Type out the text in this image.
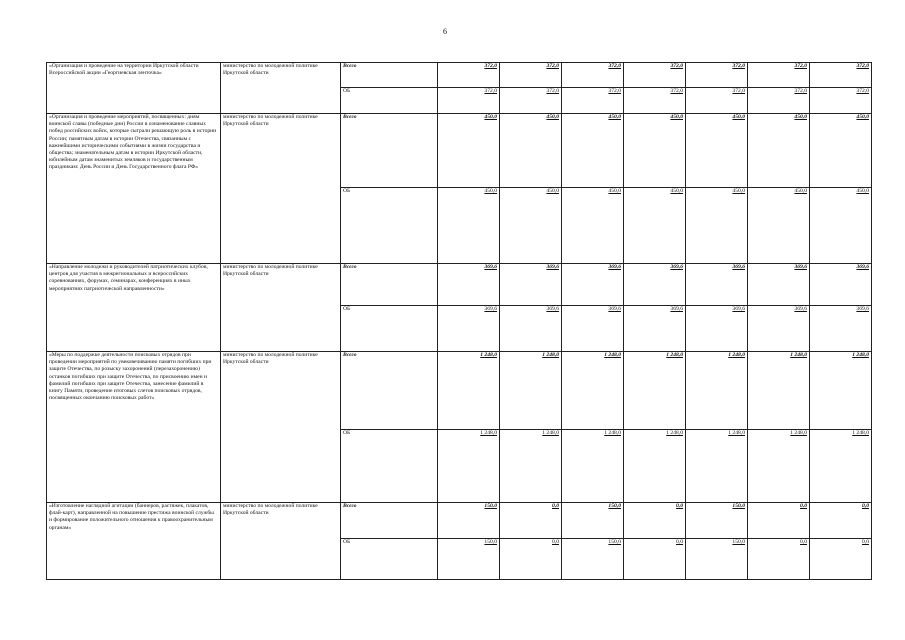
6
«Организация и проведение на территории Иркутской области Всероссийской акции «Георгиевская ленточка»	министерство по молодежной политике Иркутской области	Всего	372,0	372,0	372,0	372,0	372,0	372,0	372,0
		ОБ	372,0	372,0	372,0	372,0	372,0	372,0	372,0
«Организация и проведение мероприятий, посвященных: дням воинской славы (победные дни) России в ознаменование славных побед российских войск, которые сыграли решающую роль в истории России; памятным датам в истории Отечества, связанным с важнейшими историческими событиями в жизни государства и общества; знаменательным датам в истории Иркутской области, юбилейным датам знаменитых земляков и государственным праздникам: День России и День Государственного флага РФ»	министерство по молодежной политике Иркутской области	Всего	450,0	450,0	450,0	450,0	450,0	450,0	450,0
		ОБ	450,0	450,0	450,0	450,0	450,0	450,0	450,0
«Направление молодежи и руководителей патриотических клубов, центров для участия в межрегиональных и всероссийских соревнованиях, форумах, семинарах, конференциях в иных мероприятиях патриотической направленности»	министерство по молодежной политике Иркутской области	Всего	369,6	369,6	369,6	369,6	369,6	369,6	369,6
		ОБ	369,6	369,6	369,6	369,6	369,6	369,6	369,6
«Меры по поддержке деятельности поисковых отрядов при проведении мероприятий по увековечиванию памяти погибших при защите Отечества, по розыску захоронений (перезахоронению) останков погибших при защите Отечества, по присвоению имен и фамилий погибших при защите Отечества, занесение фамилий в книгу Памяти, проведение итоговых слетов поисковых отрядов, посвященных окончанию поисковых работ»	министерство по молодежной политике Иркутской области	Всего	1 248,0	1 248,0	1 248,0	1 248,0	1 248,0	1 248,0	1 248,0
		ОБ	1 248,0	1 248,0	1 248,0	1 248,0	1 248,0	1 248,0	1 248,0
«Изготовление наглядной агитации (баннеров, растяжек, плакатов, флай-карт), направленной на повышение престижа воинской службы и формирование положительного отношения к правоохранительным органам»	министерство по молодежной политике Иркутской области	Всего	150,0	0,0	150,0	0,0	150,0	0,0	0,0
		ОБ	150,0	0,0	150,0	0,0	150,0	0,0	0,0
